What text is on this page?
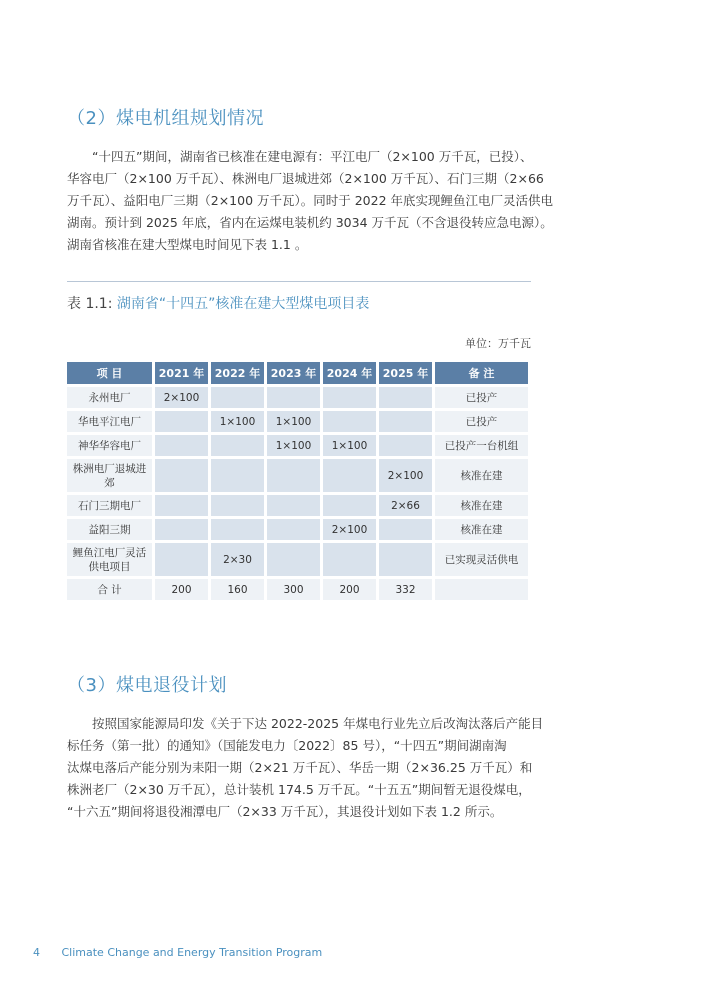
（2）煤电机组规划情况

　　“十四五”期间，湖南省已核准在建电源有：平江电厂（2×100 万千瓦，已投）、

华容电厂（2×100 万千瓦）、株洲电厂退城进郊（2×100 万千瓦）、石门三期（2×66

万千瓦）、益阳电厂三期（2×100 万千瓦）。同时于 2022 年底实现鲤鱼江电厂灵活供电

湖南。预计到 2025 年底，省内在运煤电装机约 3034 万千瓦（不含退役转应急电源）。

湖南省核准在建大型煤电时间见下表 1.1 。

表 1.1: 湖南省“十四五”核准在建大型煤电项目表
单位：万千瓦
项 目	2021 年	2022 年	2023 年	2024 年	2025 年	备 注
永州电厂	2×100					已投产
华电平江电厂		1×100	1×100			已投产
神华华容电厂			1×100	1×100		已投产一台机组
株洲电厂退城进郊					2×100	核准在建
石门三期电厂					2×66	核准在建
益阳三期				2×100		核准在建
鲤鱼江电厂灵活供电项目		2×30				已实现灵活供电
合 计	200	160	300	200	332	
（3）煤电退役计划

　　按照国家能源局印发《关于下达 2022-2025 年煤电行业先立后改淘汰落后产能目

标任务（第一批）的通知》（国能发电力〔2022〕85 号），“十四五”期间湖南淘

汰煤电落后产能分别为耒阳一期（2×21 万千瓦）、华岳一期（2×36.25 万千瓦）和

株洲老厂（2×30 万千瓦），总计装机 174.5 万千瓦。“十五五”期间暂无退役煤电，

“十六五”期间将退役湘潭电厂（2×33 万千瓦），其退役计划如下表 1.2 所示。

4 Climate Change and Energy Transition Program
